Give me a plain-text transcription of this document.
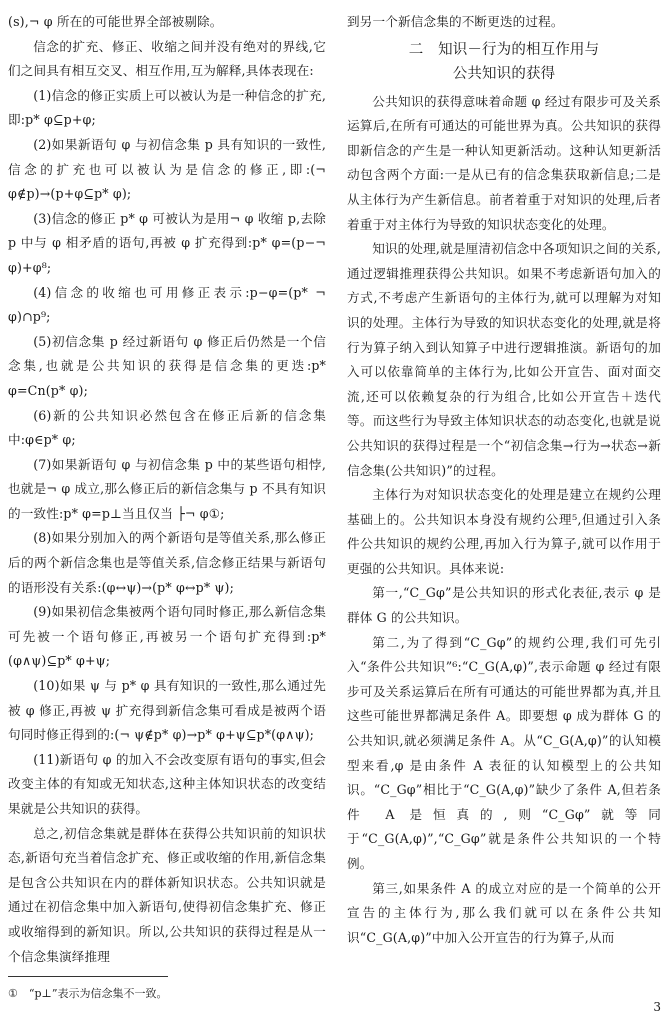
(s),¬ φ 所在的可能世界全部被剔除。

信念的扩充、修正、收缩之间并没有绝对的界线,它们之间具有相互交叉、相互作用,互为解释,具体表现在:

(1)信念的修正实质上可以被认为是一种信念的扩充,即:p* φ⊆p+φ;

(2)如果新语句 φ 与初信念集 p 具有知识的一致性,信念的扩充也可以被认为是信念的修正,即:(¬ φ∉p)→(p+φ⊆p* φ);

(3)信念的修正 p* φ 可被认为是用¬ φ 收缩 p,去除 p 中与 φ 相矛盾的语句,再被 φ 扩充得到:p* φ=(p−¬ φ)+φ⁸;

(4)信念的收缩也可用修正表示:p−φ=(p* ¬ φ)∩p⁹;

(5)初信念集 p 经过新语句 φ 修正后仍然是一个信念集,也就是公共知识的获得是信念集的更迭:p* φ=Cn(p* φ);

(6)新的公共知识必然包含在修正后新的信念集中:φ∈p* φ;

(7)如果新语句 φ 与初信念集 p 中的某些语句相悖,也就是¬ φ 成立,那么修正后的新信念集与 p 不具有知识的一致性:p* φ=p⊥当且仅当 ├¬ φ①;

(8)如果分别加入的两个新语句是等值关系,那么修正后的两个新信念集也是等值关系,信念修正结果与新语句的语形没有关系:(φ↔ψ)→(p* φ↔p* ψ);

(9)如果初信念集被两个语句同时修正,那么新信念集可先被一个语句修正,再被另一个语句扩充得到:p*(φ∧ψ)⊆p* φ+ψ;

(10)如果 ψ 与 p* φ 具有知识的一致性,那么通过先被 φ 修正,再被 ψ 扩充得到新信念集可看成是被两个语句同时修正得到的:(¬ ψ∉p* φ)→p* φ+ψ⊆p*(φ∧ψ);

(11)新语句 φ 的加入不会改变原有语句的事实,但会改变主体的有知或无知状态,这种主体知识状态的改变结果就是公共知识的获得。

总之,初信念集就是群体在获得公共知识前的知识状态,新语句充当着信念扩充、修正或收缩的作用,新信念集是包含公共知识在内的群体新知识状态。公共知识就是通过在初信念集中加入新语句,使得初信念集扩充、修正或收缩得到的新知识。所以,公共知识的获得过程是从一个信念集演绎推理

到另一个新信念集的不断更迭的过程。

二　知识－行为的相互作用与
公共知识的获得

公共知识的获得意味着命题 φ 经过有限步可及关系运算后,在所有可通达的可能世界为真。公共知识的获得即新信念的产生是一种认知更新活动。这种认知更新活动包含两个方面:一是从已有的信念集获取新信息;二是从主体行为产生新信息。前者着重于对知识的处理,后者着重于对主体行为导致的知识状态变化的处理。

知识的处理,就是厘清初信念中各项知识之间的关系,通过逻辑推理获得公共知识。如果不考虑新语句加入的方式,不考虑产生新语句的主体行为,就可以理解为对知识的处理。主体行为导致的知识状态变化的处理,就是将行为算子纳入到认知算子中进行逻辑推演。新语句的加入可以依靠简单的主体行为,比如公开宣告、面对面交流,还可以依赖复杂的行为组合,比如公开宣告＋迭代等。而这些行为导致主体知识状态的动态变化,也就是说公共知识的获得过程是一个“初信念集→行为→状态→新信念集(公共知识)”的过程。

主体行为对知识状态变化的处理是建立在规约公理基础上的。公共知识本身没有规约公理⁵,但通过引入条件公共知识的规约公理,再加入行为算子,就可以作用于更强的公共知识。具体来说:

第一,“C_Gφ”是公共知识的形式化表征,表示 φ 是群体 G 的公共知识。

第二,为了得到“C_Gφ”的规约公理,我们可先引入“条件公共知识”⁶:“C_G(A,φ)”,表示命题 φ 经过有限步可及关系运算后在所有可通达的可能世界都为真,并且这些可能世界都满足条件 A。即要想 φ 成为群体 G 的公共知识,就必须满足条件 A。从“C_G(A,φ)”的认知模型来看,φ 是由条件 A 表征的认知模型上的公共知识。“C_Gφ”相比于“C_G(A,φ)”缺少了条件 A,但若条件 A 是恒真的,则“C_Gφ”就等同于“C_G(A,φ)”,“C_Gφ”就是条件公共知识的一个特例。

第三,如果条件 A 的成立对应的是一个简单的公开宣告的主体行为,那么我们就可以在条件公共知识“C_G(A,φ)”中加入公开宣告的行为算子,从而

①　“p⊥”表示为信念集不一致。
3
